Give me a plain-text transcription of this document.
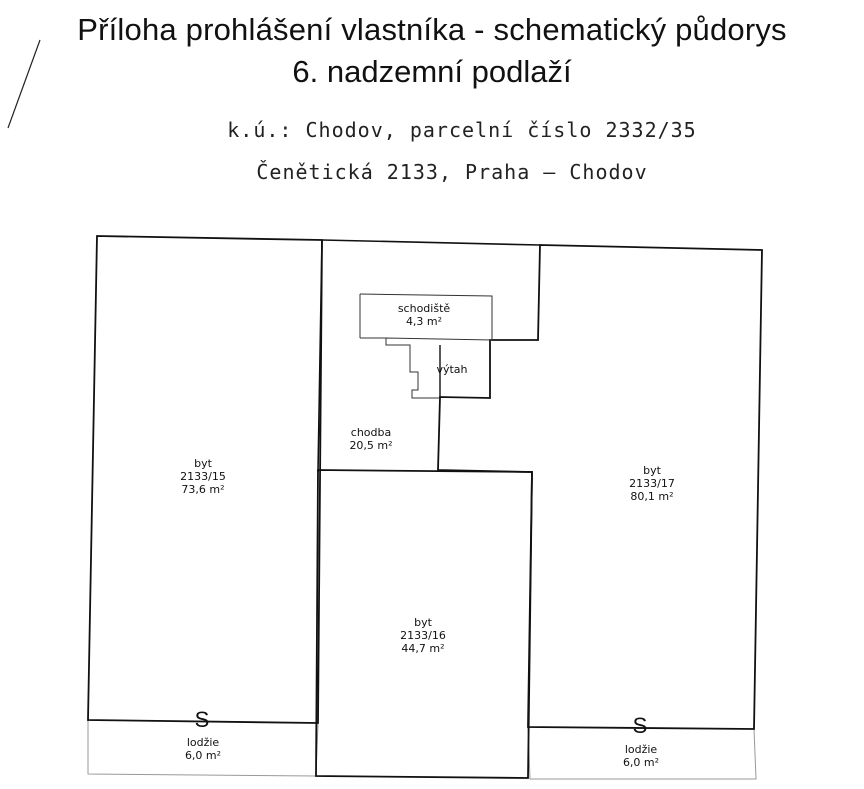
Příloha prohlášení vlastníka - schematický půdorys
6. nadzemní podlaží
k.ú.: Chodov, parcelní číslo 2332/35
Čenětická 2133, Praha – Chodov
byt
2133/15
73,6 m²
byt
2133/16
44,7 m²
byt
2133/17
80,1 m²
schodiště
4,3 m²
výtah
chodba
20,5 m²
lodžie
6,0 m²	lodžie
6,0 m²
S	S
